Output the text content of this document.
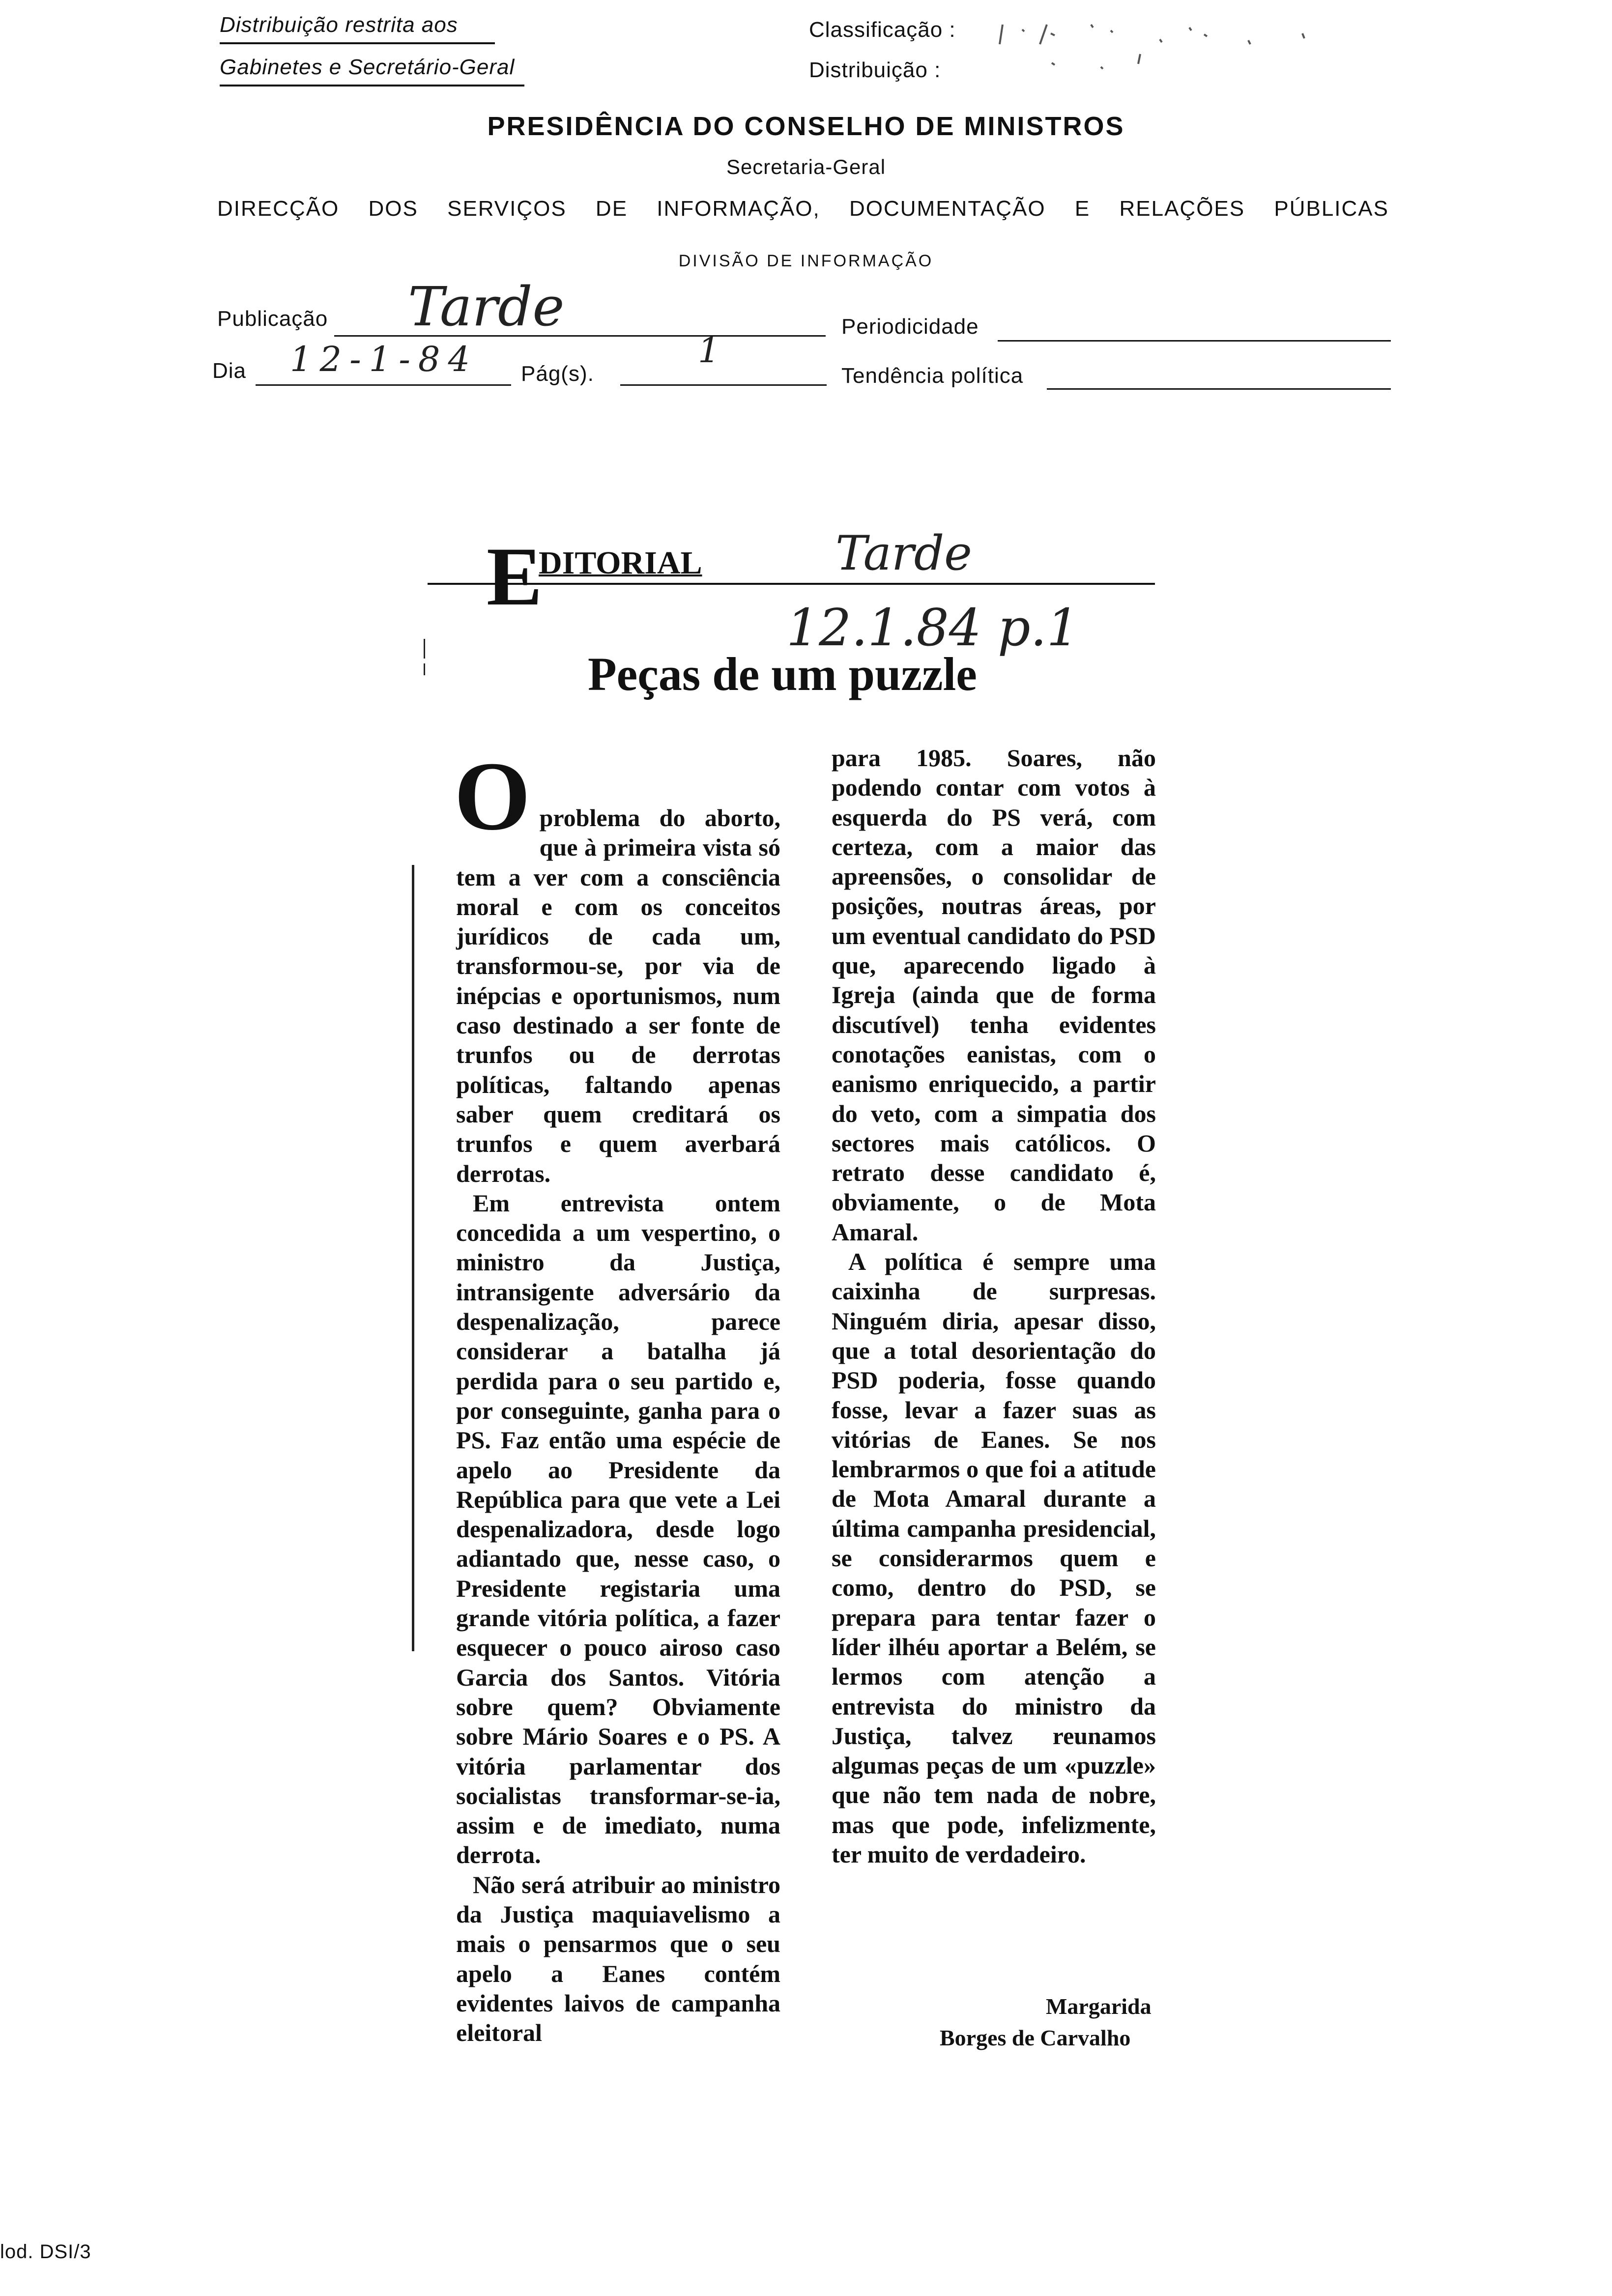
Distribuição restrita aos
Gabinetes e Secretário-Geral
Classificação :
Distribuição :
PRESIDÊNCIA DO CONSELHO DE MINISTROS
Secretaria-Geral
DIRECÇÃO DOS SERVIÇOS DE INFORMAÇÃO, DOCUMENTAÇÃO E RELAÇÕES PÚBLICAS
DIVISÃO DE INFORMAÇÃO
Publicação Tarde	Periodicidade
Dia 12-1-84 Pág(s).
1
Tendência política
E
DITORIAL	Tarde
12.1.84 p.1
Peças de um puzzle
O problema do aborto, que à primeira vista só tem a ver com a consciência moral e com os conceitos jurídicos de cada um, transformou-se, por via de inépcias e oportunismos, num caso destinado a ser fonte de trunfos ou de derrotas políticas, faltando apenas saber quem creditará os trunfos e quem averbará derrotas.

Em entrevista ontem concedida a um vespertino, o ministro da Justiça, intransigente adversário da despenalização, parece considerar a batalha já perdida para o seu partido e, por conseguinte, ganha para o PS. Faz então uma espécie de apelo ao Presidente da República para que vete a Lei despenalizadora, desde logo adiantado que, nesse caso, o Presidente registaria uma grande vitória política, a fazer esquecer o pouco airoso caso Garcia dos Santos. Vitória sobre quem? Obviamente sobre Mário Soares e o PS. A vitória parlamentar dos socialistas transformar-se-ia, assim e de imediato, numa derrota.

Não será atribuir ao ministro da Justiça maquiavelismo a mais o pensarmos que o seu apelo a Eanes contém evidentes laivos de campanha eleitoral

para 1985. Soares, não podendo contar com votos à esquerda do PS verá, com certeza, com a maior das apreensões, o consolidar de posições, noutras áreas, por um eventual candidato do PSD que, aparecendo ligado à Igreja (ainda que de forma discutível) tenha evidentes conotações eanistas, com o eanismo enriquecido, a partir do veto, com a simpatia dos sectores mais católicos. O retrato desse candidato é, obviamente, o de Mota Amaral.

A política é sempre uma caixinha de surpresas. Ninguém diria, apesar disso, que a total desorientação do PSD poderia, fosse quando fosse, levar a fazer suas as vitórias de Eanes. Se nos lembrarmos o que foi a atitude de Mota Amaral durante a última campanha presidencial, se considerarmos quem e como, dentro do PSD, se prepara para tentar fazer o líder ilhéu aportar a Belém, se lermos com atenção a entrevista do ministro da Justiça, talvez reunamos algumas peças de um «puzzle» que não tem nada de nobre, mas que pode, infelizmente, ter muito de verdadeiro.

Margarida
Borges de Carvalho
lod. DSI/3
